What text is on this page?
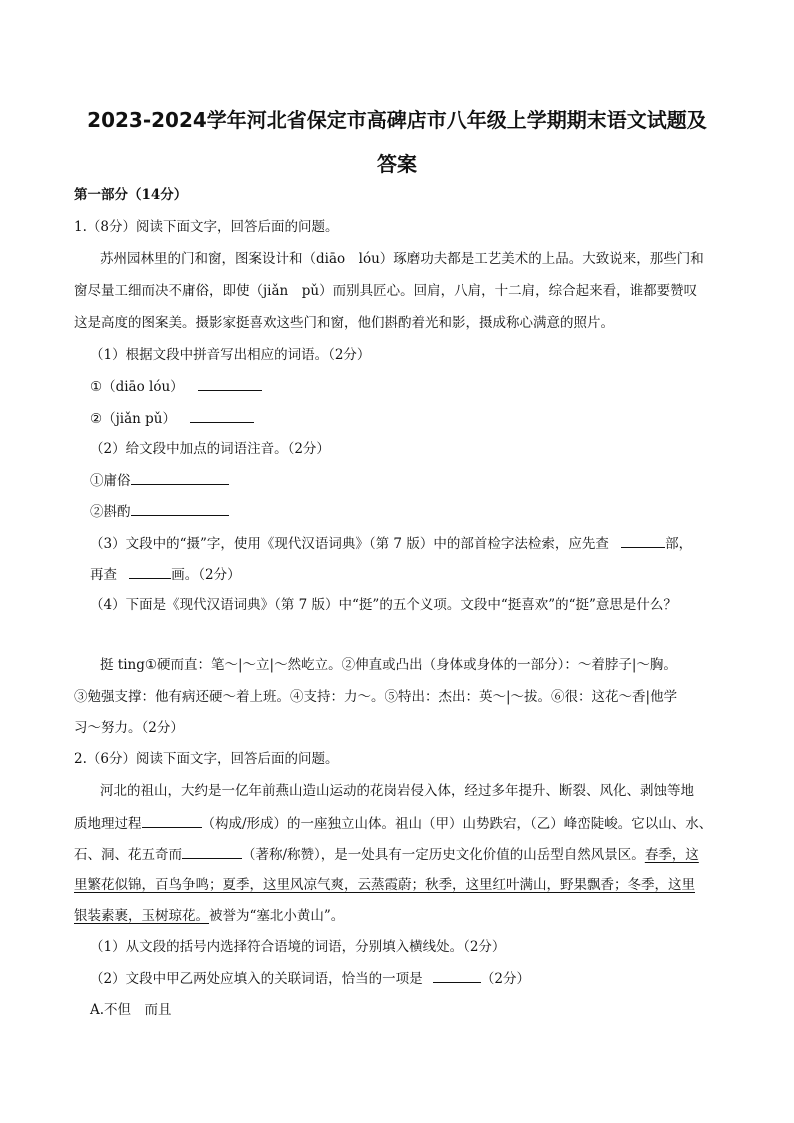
2023-2024学年河北省保定市高碑店市八年级上学期期末语文试题及
答案
第一部分（14分）
1.（8分）阅读下面文字，回答后面的问题。
苏州园林里的门和窗，图案设计和（diāo　lóu）琢磨功夫都是工艺美术的上品。大致说来，那些门和
窗尽量工细而决不庸俗，即使（jiǎn　pǔ）而别具匠心。回肩，八肩，十二肩，综合起来看，谁都要赞叹
这是高度的图案美。摄影家挺喜欢这些门和窗，他们斟酌着光和影，摄成称心满意的照片。
（1）根据文段中拼音写出相应的词语。（2分）
①（diāo lóu）
②（jiǎn pǔ）
（2）给文段中加点的词语注音。（2分）
①庸俗
②斟酌
（3）文段中的“摄”字，使用《现代汉语词典》（第 7 版）中的部首检字法检索，应先查	部，
再查	画。（2分）
（4）下面是《现代汉语词典》（第 7 版）中“挺”的五个义项。文段中“挺喜欢”的“挺”意思是什么？
挺 ting①硬而直：笔～|～立|～然屹立。②伸直或凸出（身体或身体的一部分）：～着脖子|～胸。
③勉强支撑：他有病还硬～着上班。④支持：力～。⑤特出：杰出：英～|～拔。⑥很：这花～香|他学
习～努力。（2分）
2.（6分）阅读下面文字，回答后面的问题。
河北的祖山，大约是一亿年前燕山造山运动的花岗岩侵入体，经过多年提升、断裂、风化、剥蚀等地
质地理过程	（构成/形成）的一座独立山体。祖山（甲）山势跌宕，（乙）峰峦陡峻。它以山、水、
石、洞、花五奇而	（著称/称赞），是一处具有一定历史文化价值的山岳型自然风景区。春季，这
里繁花似锦，百鸟争鸣；夏季，这里风凉气爽，云蒸霞蔚；秋季，这里红叶满山，野果飘香；冬季，这里
银装素裹，玉树琼花。被誉为“塞北小黄山”。
（1）从文段的括号内选择符合语境的词语，分别填入横线处。（2分）
（2）文段中甲乙两处应填入的关联词语，恰当的一项是	（2分）
A.不但　而且
